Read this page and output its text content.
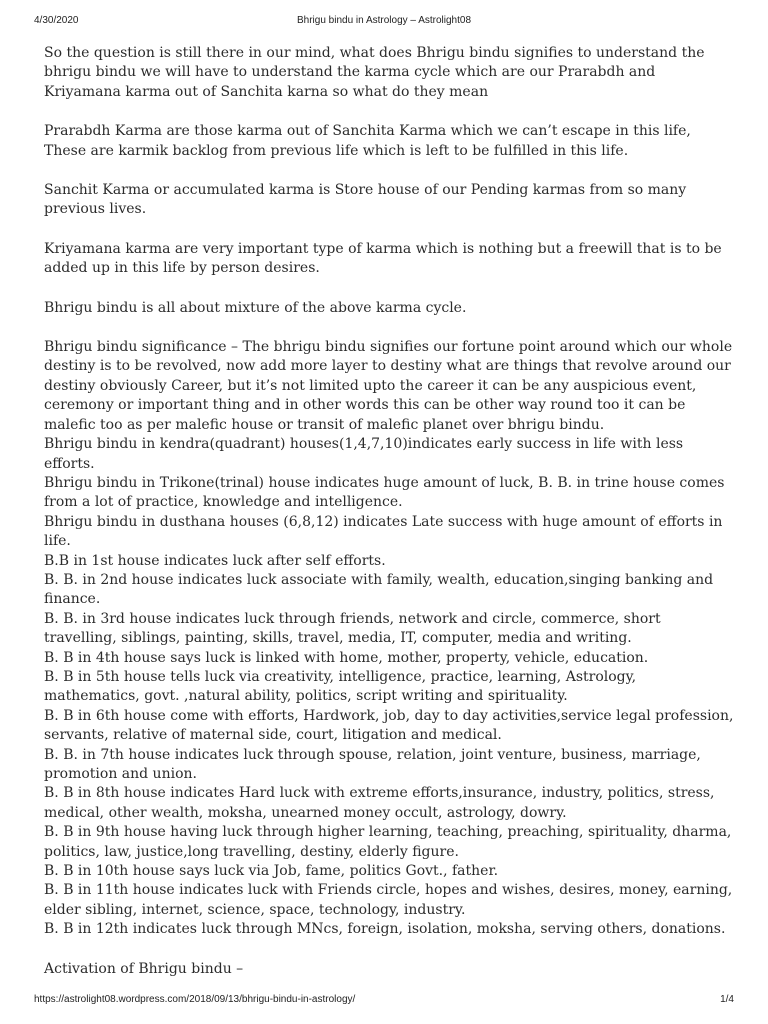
4/30/2020	Bhrigu bindu in Astrology – Astrolight08

So the question is still there in our mind, what does Bhrigu bindu signifies to understand the bhrigu bindu we will have to understand the karma cycle which are our Prarabdh and Kriyamana karma out of Sanchita karna so what do they mean

Prarabdh Karma are those karma out of Sanchita Karma which we can’t escape in this life, These are karmik backlog from previous life which is left to be fulfilled in this life.

Sanchit Karma or accumulated karma is Store house of our Pending karmas from so many previous lives.

Kriyamana karma are very important type of karma which is nothing but a freewill that is to be added up in this life by person desires.

Bhrigu bindu is all about mixture of the above karma cycle.

Bhrigu bindu significance – The bhrigu bindu signifies our fortune point around which our whole destiny is to be revolved, now add more layer to destiny what are things that revolve around our destiny obviously Career, but it’s not limited upto the career it can be any auspicious event, ceremony or important thing and in other words this can be other way round too it can be malefic too as per malefic house or transit of malefic planet over bhrigu bindu.
Bhrigu bindu in kendra(quadrant) houses(1,4,7,10)indicates early success in life with less efforts.
Bhrigu bindu in Trikone(trinal) house indicates huge amount of luck, B. B. in trine house comes from a lot of practice, knowledge and intelligence.
Bhrigu bindu in dusthana houses (6,8,12) indicates Late success with huge amount of efforts in life.
B.B in 1st house indicates luck after self efforts.
B. B. in 2nd house indicates luck associate with family, wealth, education,singing banking and finance.
B. B. in 3rd house indicates luck through friends, network and circle, commerce, short travelling, siblings, painting, skills, travel, media, IT, computer, media and writing.
B. B in 4th house says luck is linked with home, mother, property, vehicle, education.
B. B in 5th house tells luck via creativity, intelligence, practice, learning, Astrology, mathematics, govt. ,natural ability, politics, script writing and spirituality.
B. B in 6th house come with efforts, Hardwork, job, day to day activities,service legal profession, servants, relative of maternal side, court, litigation and medical.
B. B. in 7th house indicates luck through spouse, relation, joint venture, business, marriage, promotion and union.
B. B in 8th house indicates Hard luck with extreme efforts,insurance, industry, politics, stress, medical, other wealth, moksha, unearned money occult, astrology, dowry.
B. B in 9th house having luck through higher learning, teaching, preaching, spirituality, dharma, politics, law, justice,long travelling, destiny, elderly figure.
B. B in 10th house says luck via Job, fame, politics Govt., father.
B. B in 11th house indicates luck with Friends circle, hopes and wishes, desires, money, earning, elder sibling, internet, science, space, technology, industry.
B. B in 12th indicates luck through MNcs, foreign, isolation, moksha, serving others, donations.

Activation of Bhrigu bindu –

https://astrolight08.wordpress.com/2018/09/13/bhrigu-bindu-in-astrology/	1/4
